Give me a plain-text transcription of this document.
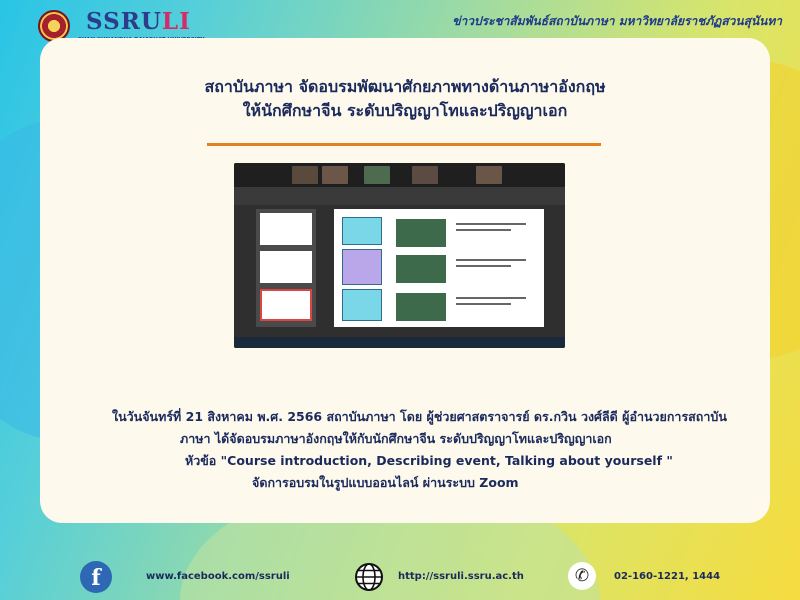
SSRULI	ข่าวประชาสัมพันธ์สถาบันภาษา มหาวิทยาลัยราชภัฏสวนสุนันทา
สถาบันภาษา จัดอบรมพัฒนาศักยภาพทางด้านภาษาอังกฤษ
ให้นักศึกษาจีน ระดับปริญญาโทและปริญญาเอก
ในวันจันทร์ที่ 21 สิงหาคม พ.ศ. 2566 สถาบันภาษา โดย ผู้ช่วยศาสตราจารย์ ดร.กวิน วงศ์ลีดี ผู้อำนวยการสถาบัน
ภาษา ได้จัดอบรมภาษาอังกฤษให้กับนักศึกษาจีน ระดับปริญญาโทและปริญญาเอก
หัวข้อ "Course introduction, Describing event, Talking about yourself "
จัดการอบรมในรูปแบบออนไลน์ ผ่านระบบ Zoom
f	www.facebook.com/ssruli	http://ssruli.ssru.ac.th	✆	02-160-1221, 1444
